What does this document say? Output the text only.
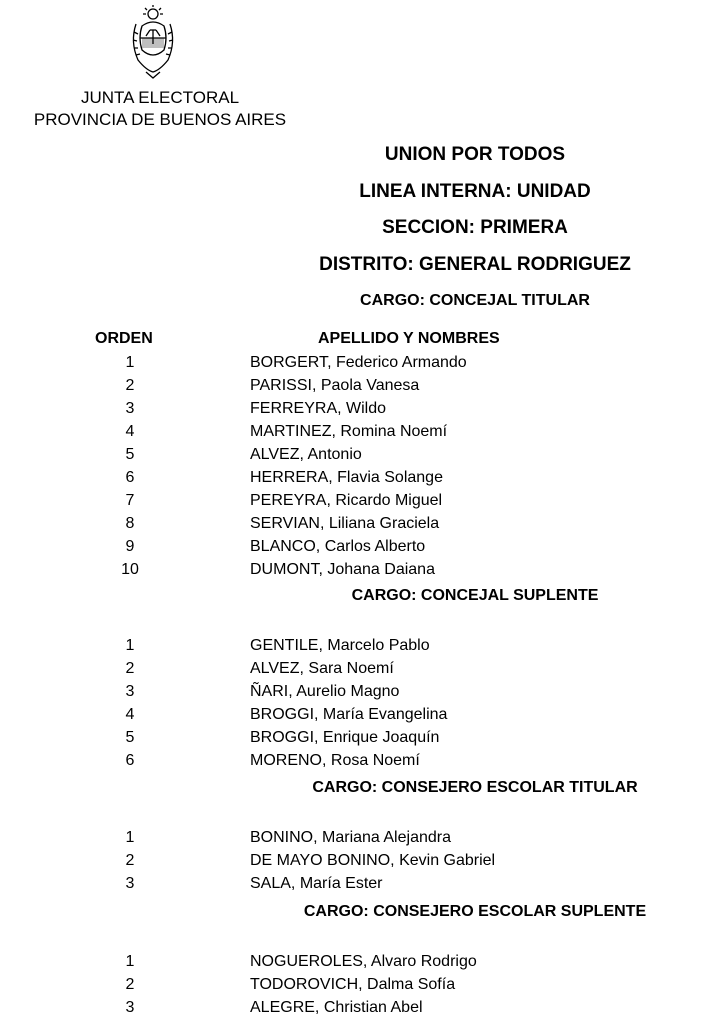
JUNTA ELECTORAL
PROVINCIA DE BUENOS AIRES
UNION POR TODOS
LINEA INTERNA: UNIDAD
SECCION: PRIMERA
DISTRITO: GENERAL RODRIGUEZ
ORDEN	APELLIDO Y NOMBRES
CARGO: CONCEJAL TITULAR
1	BORGERT, Federico Armando
2	PARISSI, Paola Vanesa
3	FERREYRA, Wildo
4	MARTINEZ, Romina Noemí
5	ALVEZ, Antonio
6	HERRERA, Flavia Solange
7	PEREYRA, Ricardo Miguel
8	SERVIAN, Liliana Graciela
9	BLANCO, Carlos Alberto
10	DUMONT, Johana Daiana
CARGO: CONCEJAL SUPLENTE
1	GENTILE, Marcelo Pablo
2	ALVEZ, Sara Noemí
3	ÑARI, Aurelio Magno
4	BROGGI, María Evangelina
5	BROGGI, Enrique Joaquín
6	MORENO, Rosa Noemí
CARGO: CONSEJERO ESCOLAR TITULAR
1	BONINO, Mariana Alejandra
2	DE MAYO BONINO, Kevin Gabriel
3	SALA, María Ester
CARGO: CONSEJERO ESCOLAR SUPLENTE
1	NOGUEROLES, Alvaro Rodrigo
2	TODOROVICH, Dalma Sofía
3	ALEGRE, Christian Abel
